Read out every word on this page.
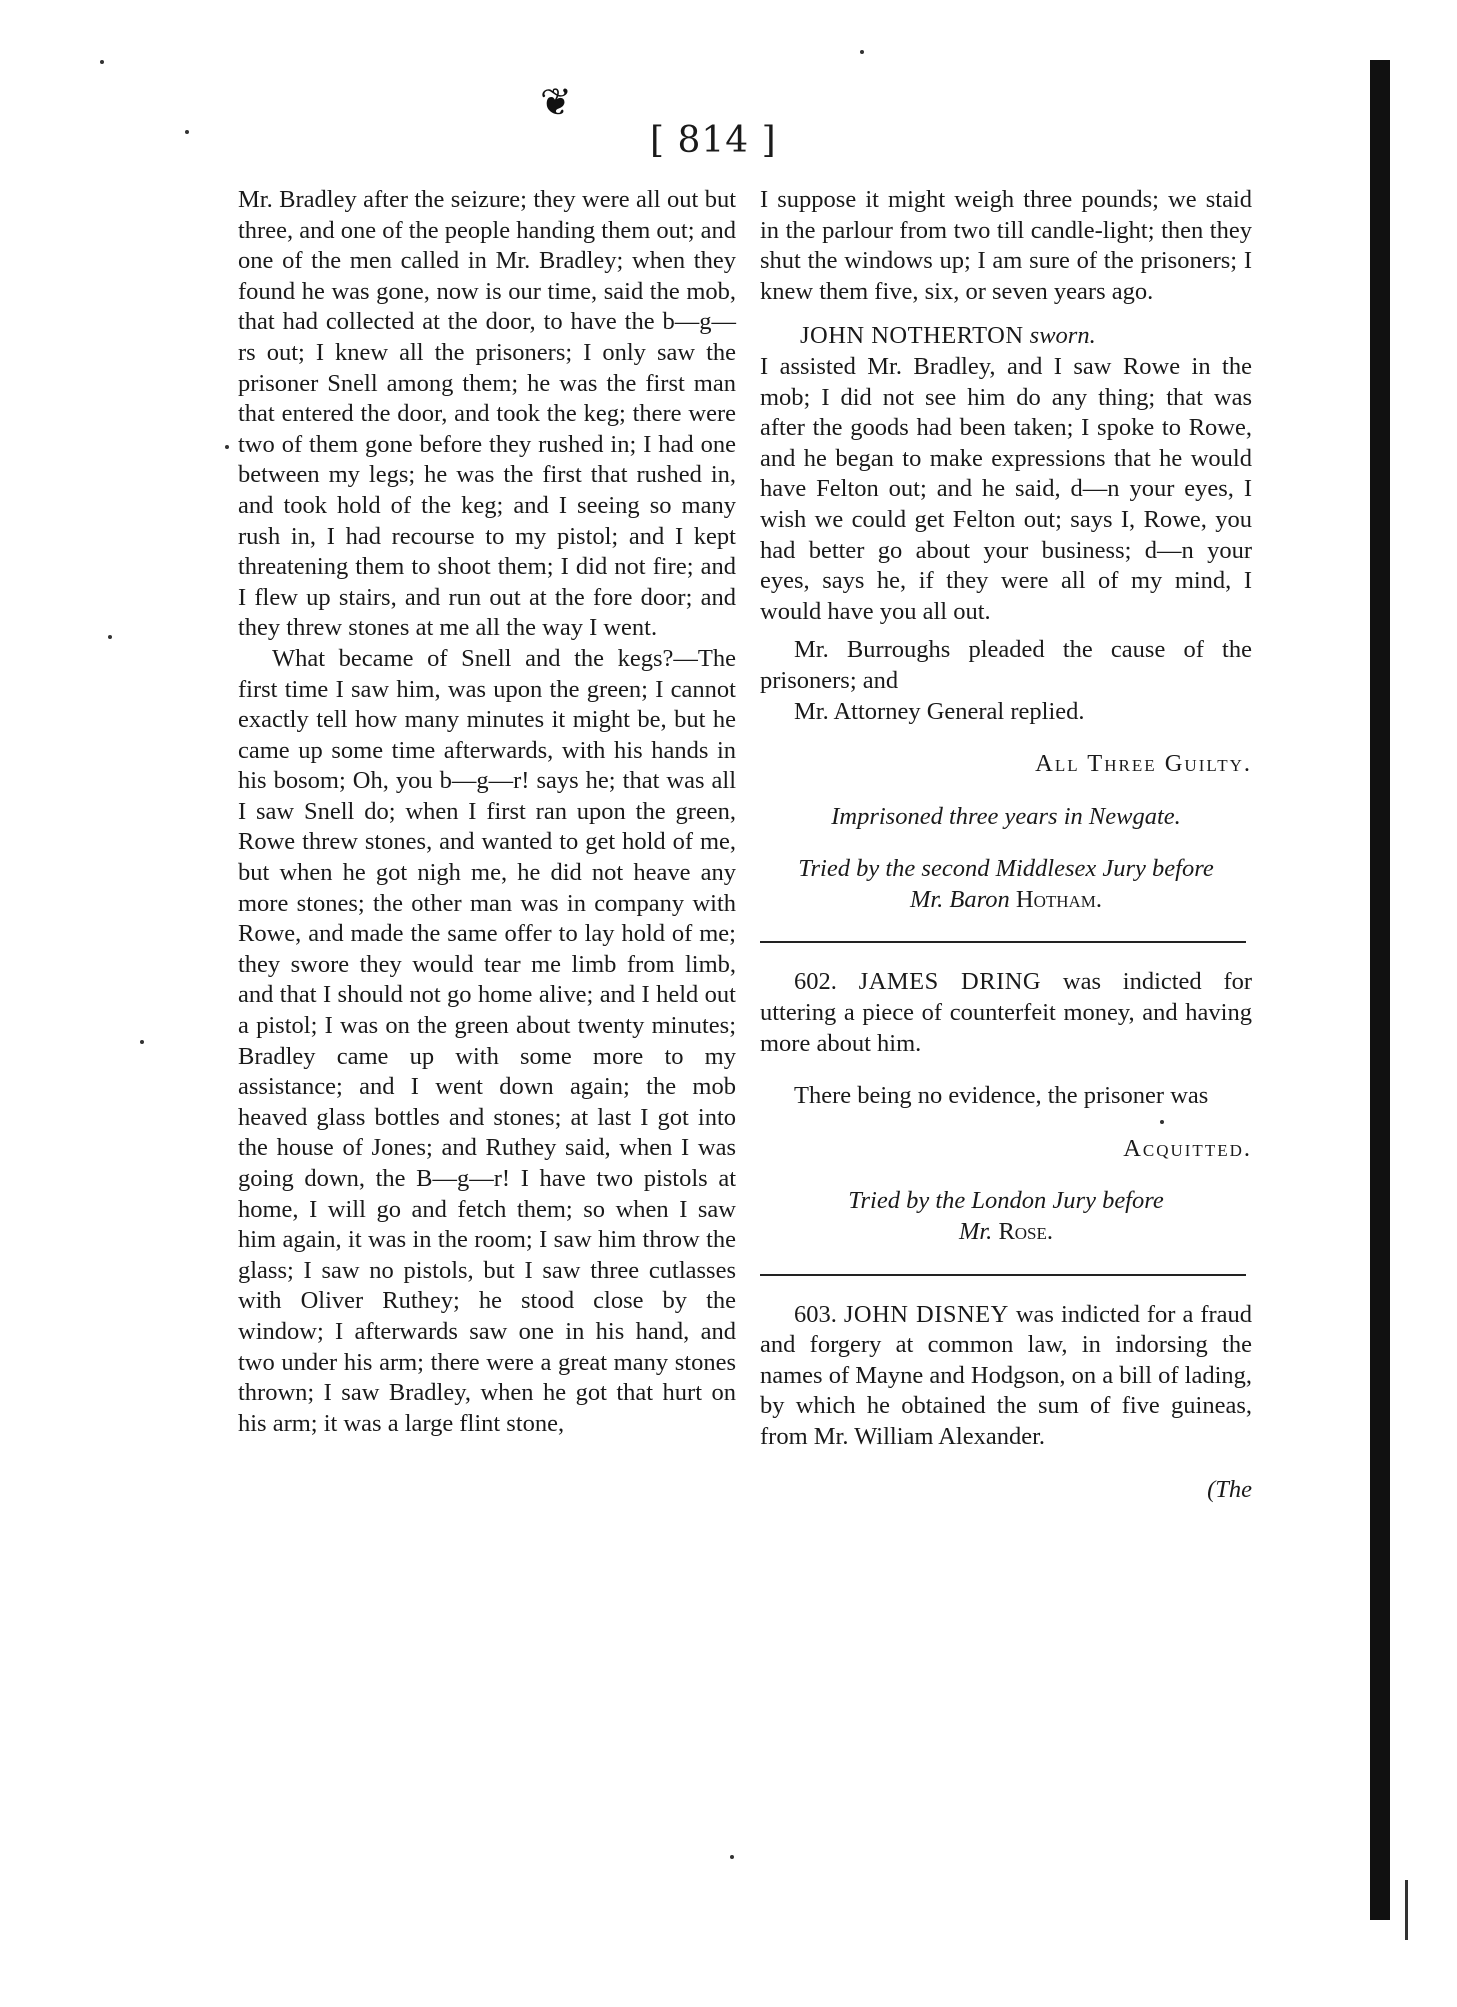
❦
[ 814 ]

Mr. Bradley after the seizure; they were all out but three, and one of the people handing them out; and one of the men called in Mr. Bradley; when they found he was gone, now is our time, said the mob, that had collected at the door, to have the b—g—rs out; I knew all the prisoners; I only saw the prisoner Snell among them; he was the first man that entered the door, and took the keg; there were two of them gone before they rushed in; I had one between my legs; he was the first that rushed in, and took hold of the keg; and I seeing so many rush in, I had recourse to my pistol; and I kept threatening them to shoot them; I did not fire; and I flew up stairs, and run out at the fore door; and they threw stones at me all the way I went.

What became of Snell and the kegs?—The first time I saw him, was upon the green; I cannot exactly tell how many minutes it might be, but he came up some time afterwards, with his hands in his bosom; Oh, you b—g—r! says he; that was all I saw Snell do; when I first ran upon the green, Rowe threw stones, and wanted to get hold of me, but when he got nigh me, he did not heave any more stones; the other man was in company with Rowe, and made the same offer to lay hold of me; they swore they would tear me limb from limb, and that I should not go home alive; and I held out a pistol; I was on the green about twenty minutes; Bradley came up with some more to my assistance; and I went down again; the mob heaved glass bottles and stones; at last I got into the house of Jones; and Ruthey said, when I was going down, the B—g—r! I have two pistols at home, I will go and fetch them; so when I saw him again, it was in the room; I saw him throw the glass; I saw no pistols, but I saw three cutlasses with Oliver Ruthey; he stood close by the window; I afterwards saw one in his hand, and two under his arm; there were a great many stones thrown; I saw Bradley, when he got that hurt on his arm; it was a large flint stone,

I suppose it might weigh three pounds; we staid in the parlour from two till candle-light; then they shut the windows up; I am sure of the prisoners; I knew them five, six, or seven years ago.

JOHN NOTHERTON sworn.

I assisted Mr. Bradley, and I saw Rowe in the mob; I did not see him do any thing; that was after the goods had been taken; I spoke to Rowe, and he began to make expressions that he would have Felton out; and he said, d—n your eyes, I wish we could get Felton out; says I, Rowe, you had better go about your business; d—n your eyes, says he, if they were all of my mind, I would have you all out.

Mr. Burroughs pleaded the cause of the prisoners; and

Mr. Attorney General replied.

All Three Guilty.

Imprisoned three years in Newgate.

Tried by the second Middlesex Jury before
Mr. Baron Hotham.

602. JAMES DRING was indicted for uttering a piece of counterfeit money, and having more about him.

There being no evidence, the prisoner was

Acquitted.

Tried by the London Jury before
Mr. Rose.

603. JOHN DISNEY was indicted for a fraud and forgery at common law, in indorsing the names of Mayne and Hodgson, on a bill of lading, by which he obtained the sum of five guineas, from Mr. William Alexander.

(The
